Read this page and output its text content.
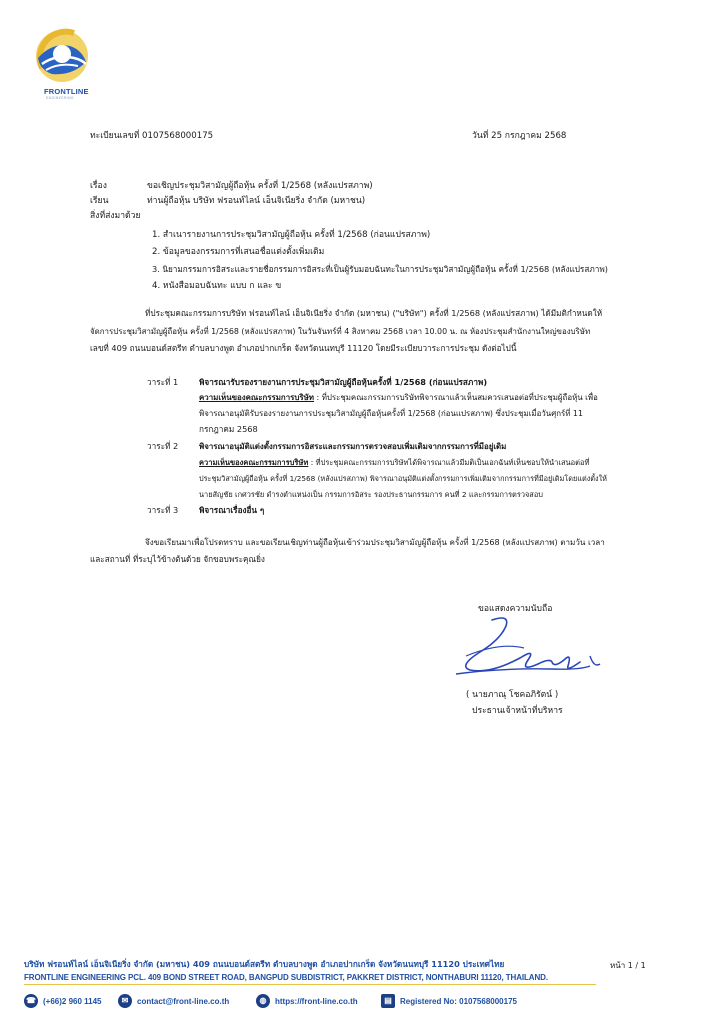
FRONTLINE
ENGINEERING
ทะเบียนเลขที่ 0107568000175	วันที่ 25 กรกฎาคม 2568
เรื่อง	ขอเชิญประชุมวิสามัญผู้ถือหุ้น ครั้งที่ 1/2568 (หลังแปรสภาพ)
เรียน	ท่านผู้ถือหุ้น บริษัท ฟรอนท์ไลน์ เอ็นจิเนียริ่ง จำกัด (มหาชน)
สิ่งที่ส่งมาด้วย
1. สำเนารายงานการประชุมวิสามัญผู้ถือหุ้น ครั้งที่ 1/2568 (ก่อนแปรสภาพ)
2. ข้อมูลของกรรมการที่เสนอชื่อแต่งตั้งเพิ่มเติม
3. นิยามกรรมการอิสระและรายชื่อกรรมการอิสระที่เป็นผู้รับมอบฉันทะในการประชุมวิสามัญผู้ถือหุ้น ครั้งที่ 1/2568 (หลังแปรสภาพ)
4. หนังสือมอบฉันทะ แบบ ก และ ข
ที่ประชุมคณะกรรมการบริษัท ฟรอนท์ไลน์ เอ็นจิเนียริ่ง จำกัด (มหาชน) ("บริษัท") ครั้งที่ 1/2568 (หลังแปรสภาพ) ได้มีมติกำหนดให้
จัดการประชุมวิสามัญผู้ถือหุ้น ครั้งที่ 1/2568 (หลังแปรสภาพ) ในวันจันทร์ที่ 4 สิงหาคม 2568 เวลา 10.00 น. ณ ห้องประชุมสำนักงานใหญ่ของบริษัท
เลขที่ 409 ถนนบอนด์สตรีท ตำบลบางพูด อำเภอปากเกร็ด จังหวัดนนทบุรี 11120 โดยมีระเบียบวาระการประชุม ดังต่อไปนี้
วาระที่ 1	พิจารณารับรองรายงานการประชุมวิสามัญผู้ถือหุ้นครั้งที่ 1/2568 (ก่อนแปรสภาพ)
ความเห็นของคณะกรรมการบริษัท : ที่ประชุมคณะกรรมการบริษัทพิจารณาแล้วเห็นสมควรเสนอต่อที่ประชุมผู้ถือหุ้น เพื่อ
พิจารณาอนุมัติรับรองรายงานการประชุมวิสามัญผู้ถือหุ้นครั้งที่ 1/2568 (ก่อนแปรสภาพ) ซึ่งประชุมเมื่อวันศุกร์ที่ 11
กรกฎาคม 2568
วาระที่ 2	พิจารณาอนุมัติแต่งตั้งกรรมการอิสระและกรรมการตรวจสอบเพิ่มเติมจากกรรมการที่มีอยู่เดิม
ความเห็นของคณะกรรมการบริษัท : ที่ประชุมคณะกรรมการบริษัทได้พิจารณาแล้วมีมติเป็นเอกฉันท์เห็นชอบให้นำเสนอต่อที่
ประชุมวิสามัญผู้ถือหุ้น ครั้งที่ 1/2568 (หลังแปรสภาพ) พิจารณาอนุมัติแต่งตั้งกรรมการเพิ่มเติมจากกรรมการที่มีอยู่เดิมโดยแต่งตั้งให้
นายสัญชัย เกศวรชัย ดำรงตำแหน่งเป็น กรรมการอิสระ รองประธานกรรมการ คนที่ 2 และกรรมการตรวจสอบ
วาระที่ 3	พิจารณาเรื่องอื่น ๆ
จึงขอเรียนมาเพื่อโปรดทราบ และขอเรียนเชิญท่านผู้ถือหุ้นเข้าร่วมประชุมวิสามัญผู้ถือหุ้น ครั้งที่ 1/2568 (หลังแปรสภาพ) ตามวัน เวลา
และสถานที่ ที่ระบุไว้ข้างต้นด้วย จักขอบพระคุณยิ่ง
ขอแสดงความนับถือ
( นายภาณุ โชคอภิรัตน์ )
ประธานเจ้าหน้าที่บริหาร
หน้า 1 / 1
บริษัท ฟรอนท์ไลน์ เอ็นจิเนียริ่ง จำกัด (มหาชน) 409 ถนนบอนด์สตรีท ตำบลบางพูด อำเภอปากเกร็ด จังหวัดนนทบุรี 11120 ประเทศไทย
FRONTLINE ENGINEERING PCL. 409 BOND STREET ROAD, BANGPUD SUBDISTRICT, PAKKRET DISTRICT, NONTHABURI 11120, THAILAND.
☎ (+66)2 960 1145	✉	contact@front-line.co.th	◍	https://front-line.co.th	▤	Registered No: 0107568000175
